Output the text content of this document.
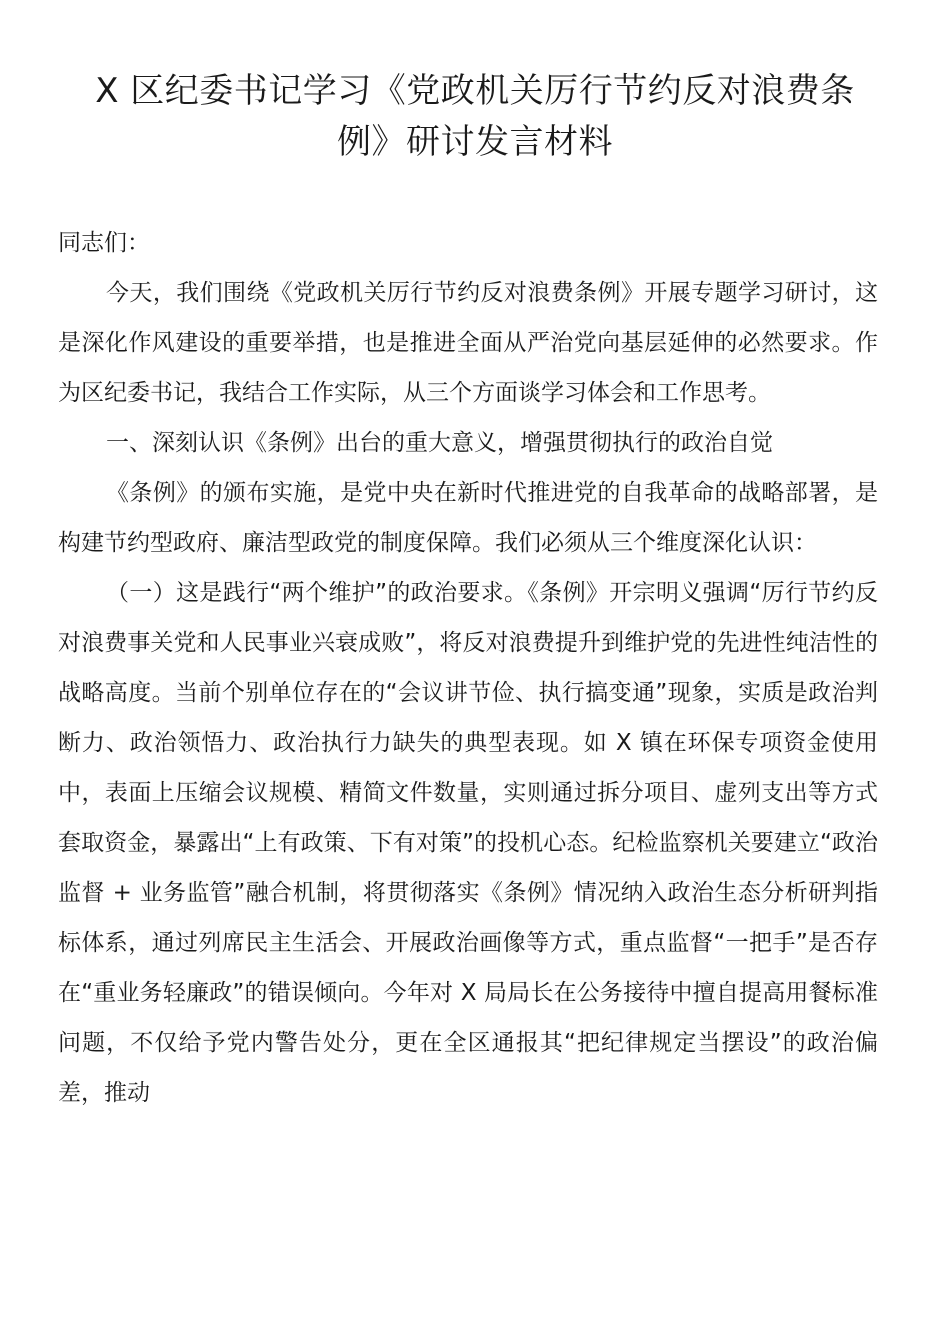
X 区纪委书记学习《党政机关厉行节约反对浪费条例》研讨发言材料

同志们：

今天，我们围绕《党政机关厉行节约反对浪费条例》开展专题学习研讨，这是深化作风建设的重要举措，也是推进全面从严治党向基层延伸的必然要求。作为区纪委书记，我结合工作实际，从三个方面谈学习体会和工作思考。

一、深刻认识《条例》出台的重大意义，增强贯彻执行的政治自觉

《条例》的颁布实施，是党中央在新时代推进党的自我革命的战略部署，是构建节约型政府、廉洁型政党的制度保障。我们必须从三个维度深化认识：

（一）这是践行“两个维护”的政治要求。《条例》开宗明义强调“厉行节约反对浪费事关党和人民事业兴衰成败”，将反对浪费提升到维护党的先进性纯洁性的战略高度。当前个别单位存在的“会议讲节俭、执行搞变通”现象，实质是政治判断力、政治领悟力、政治执行力缺失的典型表现。如 X 镇在环保专项资金使用中，表面上压缩会议规模、精简文件数量，实则通过拆分项目、虚列支出等方式套取资金，暴露出“上有政策、下有对策”的投机心态。纪检监察机关要建立“政治监督 + 业务监管”融合机制，将贯彻落实《条例》情况纳入政治生态分析研判指标体系，通过列席民主生活会、开展政治画像等方式，重点监督“一把手”是否存在“重业务轻廉政”的错误倾向。今年对 X 局局长在公务接待中擅自提高用餐标准问题，不仅给予党内警告处分，更在全区通报其“把纪律规定当摆设”的政治偏差，推动
